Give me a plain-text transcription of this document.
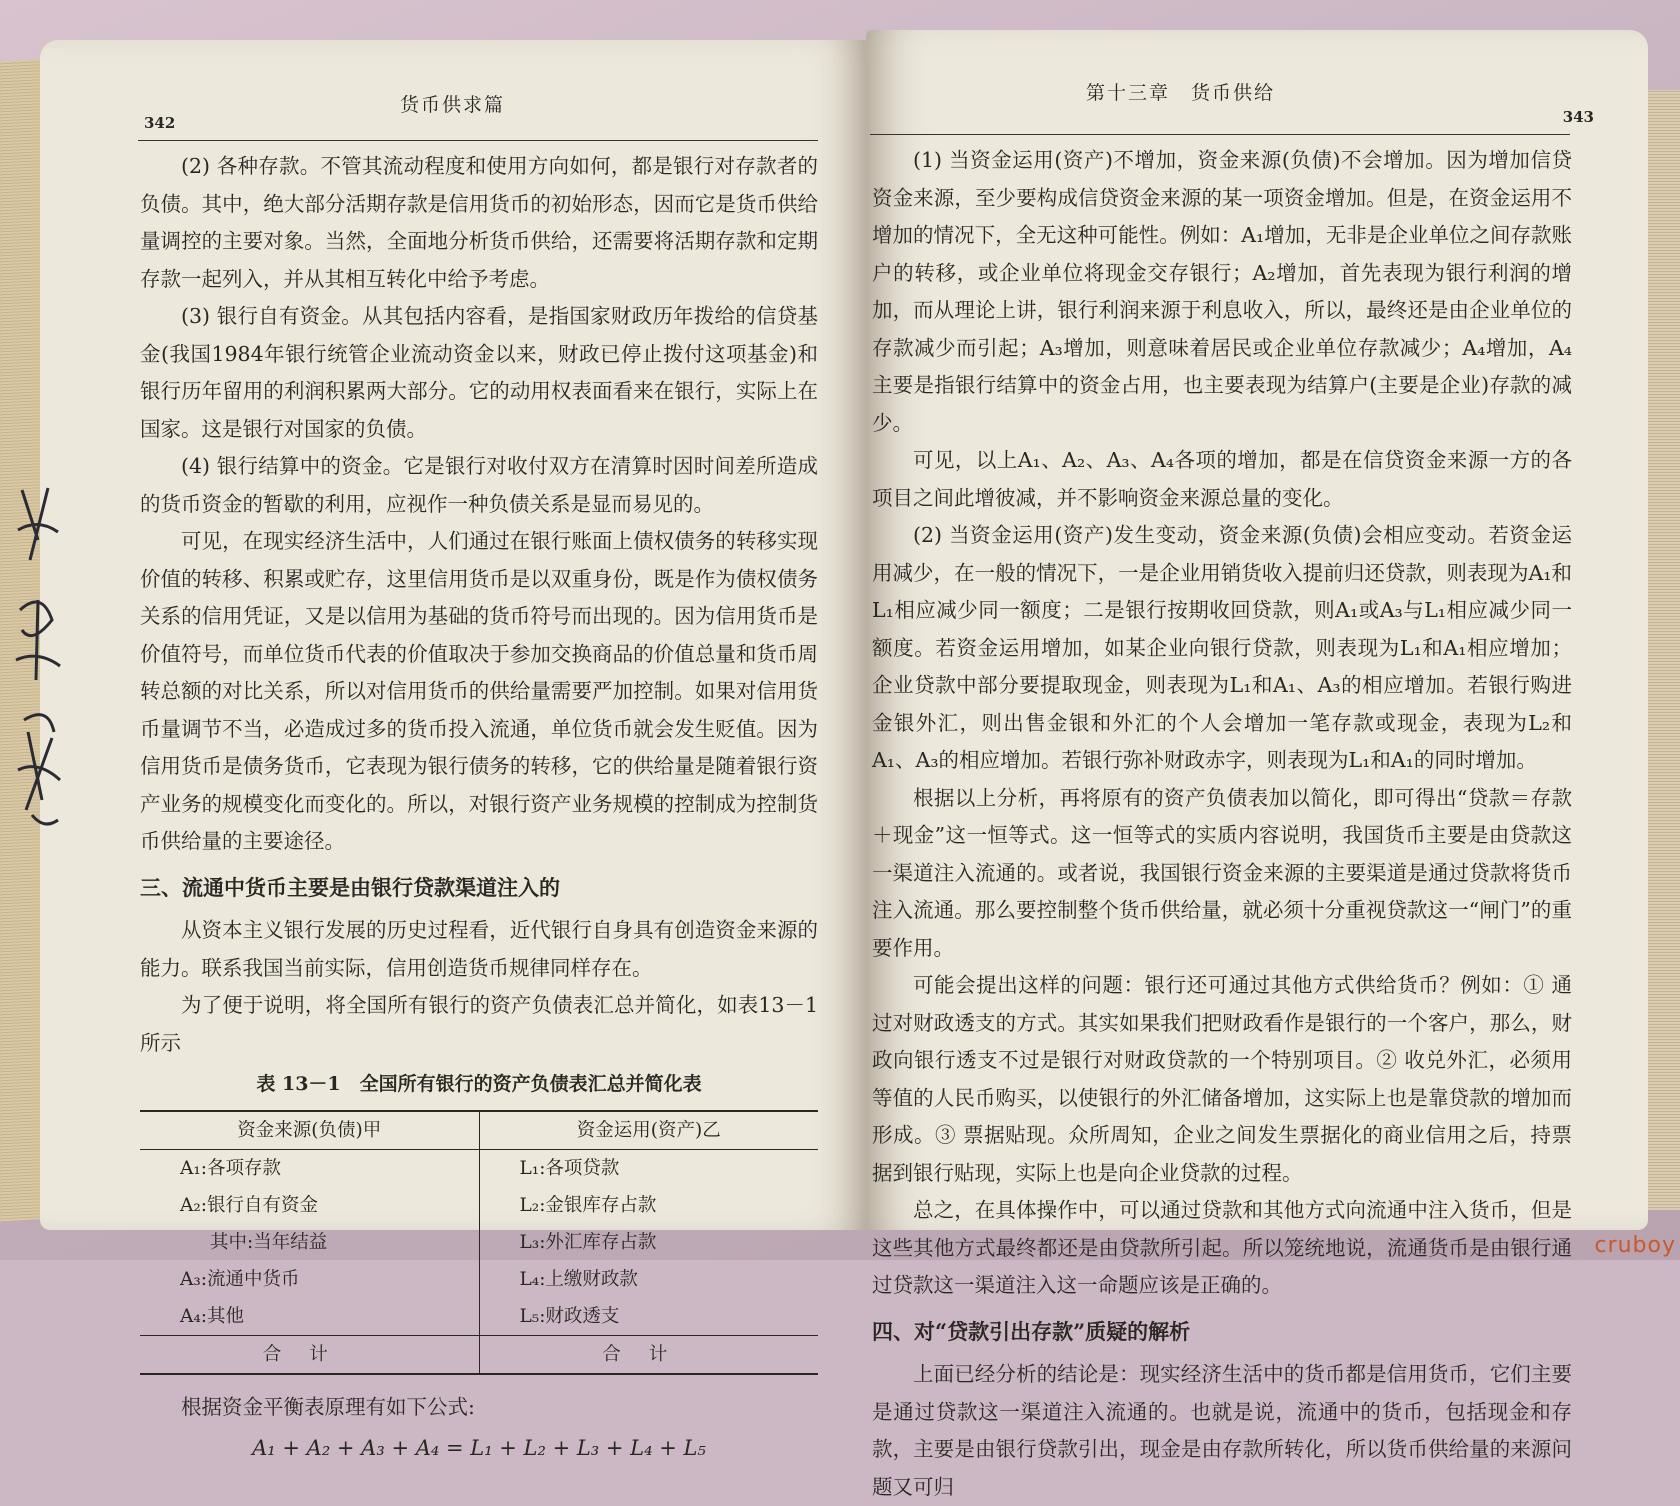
货币供求篇
342

(2) 各种存款。不管其流动程度和使用方向如何，都是银行对存款者的负债。其中，绝大部分活期存款是信用货币的初始形态，因而它是货币供给量调控的主要对象。当然，全面地分析货币供给，还需要将活期存款和定期存款一起列入，并从其相互转化中给予考虑。

(3) 银行自有资金。从其包括内容看，是指国家财政历年拨给的信贷基金(我国1984年银行统管企业流动资金以来，财政已停止拨付这项基金)和银行历年留用的利润积累两大部分。它的动用权表面看来在银行，实际上在国家。这是银行对国家的负债。

(4) 银行结算中的资金。它是银行对收付双方在清算时因时间差所造成的货币资金的暂歇的利用，应视作一种负债关系是显而易见的。

可见，在现实经济生活中，人们通过在银行账面上债权债务的转移实现价值的转移、积累或贮存，这里信用货币是以双重身份，既是作为债权债务关系的信用凭证，又是以信用为基础的货币符号而出现的。因为信用货币是价值符号，而单位货币代表的价值取决于参加交换商品的价值总量和货币周转总额的对比关系，所以对信用货币的供给量需要严加控制。如果对信用货币量调节不当，必造成过多的货币投入流通，单位货币就会发生贬值。因为信用货币是债务货币，它表现为银行债务的转移，它的供给量是随着银行资产业务的规模变化而变化的。所以，对银行资产业务规模的控制成为控制货币供给量的主要途径。

三、流通中货币主要是由银行贷款渠道注入的

从资本主义银行发展的历史过程看，近代银行自身具有创造资金来源的能力。联系我国当前实际，信用创造货币规律同样存在。

为了便于说明，将全国所有银行的资产负债表汇总并简化，如表13－1所示

表 13－1　全国所有银行的资产负债表汇总并简化表
资金来源(负债)甲	资金运用(资产)乙
A₁:各项存款	L₁:各项贷款
A₂:银行自有资金	L₂:金银库存占款
其中:当年结益	L₃:外汇库存占款
A₃:流通中货币	L₄:上缴财政款
A₄:其他	L₅:财政透支
合计	合计

根据资金平衡表原理有如下公式:

A₁ + A₂ + A₃ + A₄ = L₁ + L₂ + L₃ + L₄ + L₅
第十三章　货币供给
343

(1) 当资金运用(资产)不增加，资金来源(负债)不会增加。因为增加信贷资金来源，至少要构成信贷资金来源的某一项资金增加。但是，在资金运用不增加的情况下，全无这种可能性。例如：A₁增加，无非是企业单位之间存款账户的转移，或企业单位将现金交存银行；A₂增加，首先表现为银行利润的增加，而从理论上讲，银行利润来源于利息收入，所以，最终还是由企业单位的存款减少而引起；A₃增加，则意味着居民或企业单位存款减少；A₄增加，A₄主要是指银行结算中的资金占用，也主要表现为结算户(主要是企业)存款的减少。

可见，以上A₁、A₂、A₃、A₄各项的增加，都是在信贷资金来源一方的各项目之间此增彼减，并不影响资金来源总量的变化。

(2) 当资金运用(资产)发生变动，资金来源(负债)会相应变动。若资金运用减少，在一般的情况下，一是企业用销货收入提前归还贷款，则表现为A₁和L₁相应减少同一额度；二是银行按期收回贷款，则A₁或A₃与L₁相应减少同一额度。若资金运用增加，如某企业向银行贷款，则表现为L₁和A₁相应增加；企业贷款中部分要提取现金，则表现为L₁和A₁、A₃的相应增加。若银行购进金银外汇，则出售金银和外汇的个人会增加一笔存款或现金，表现为L₂和A₁、A₃的相应增加。若银行弥补财政赤字，则表现为L₁和A₁的同时增加。

根据以上分析，再将原有的资产负债表加以简化，即可得出“贷款＝存款＋现金”这一恒等式。这一恒等式的实质内容说明，我国货币主要是由贷款这一渠道注入流通的。或者说，我国银行资金来源的主要渠道是通过贷款将货币注入流通。那么要控制整个货币供给量，就必须十分重视贷款这一“闸门”的重要作用。

可能会提出这样的问题：银行还可通过其他方式供给货币？例如：① 通过对财政透支的方式。其实如果我们把财政看作是银行的一个客户，那么，财政向银行透支不过是银行对财政贷款的一个特别项目。② 收兑外汇，必须用等值的人民币购买，以使银行的外汇储备增加，这实际上也是靠贷款的增加而形成。③ 票据贴现。众所周知，企业之间发生票据化的商业信用之后，持票据到银行贴现，实际上也是向企业贷款的过程。

总之，在具体操作中，可以通过贷款和其他方式向流通中注入货币，但是这些其他方式最终都还是由贷款所引起。所以笼统地说，流通货币是由银行通过贷款这一渠道注入这一命题应该是正确的。

四、对“贷款引出存款”质疑的解析

上面已经分析的结论是：现实经济生活中的货币都是信用货币，它们主要是通过贷款这一渠道注入流通的。也就是说，流通中的货币，包括现金和存款，主要是由银行贷款引出，现金是由存款所转化，所以货币供给量的来源问题又可归

cruboy
